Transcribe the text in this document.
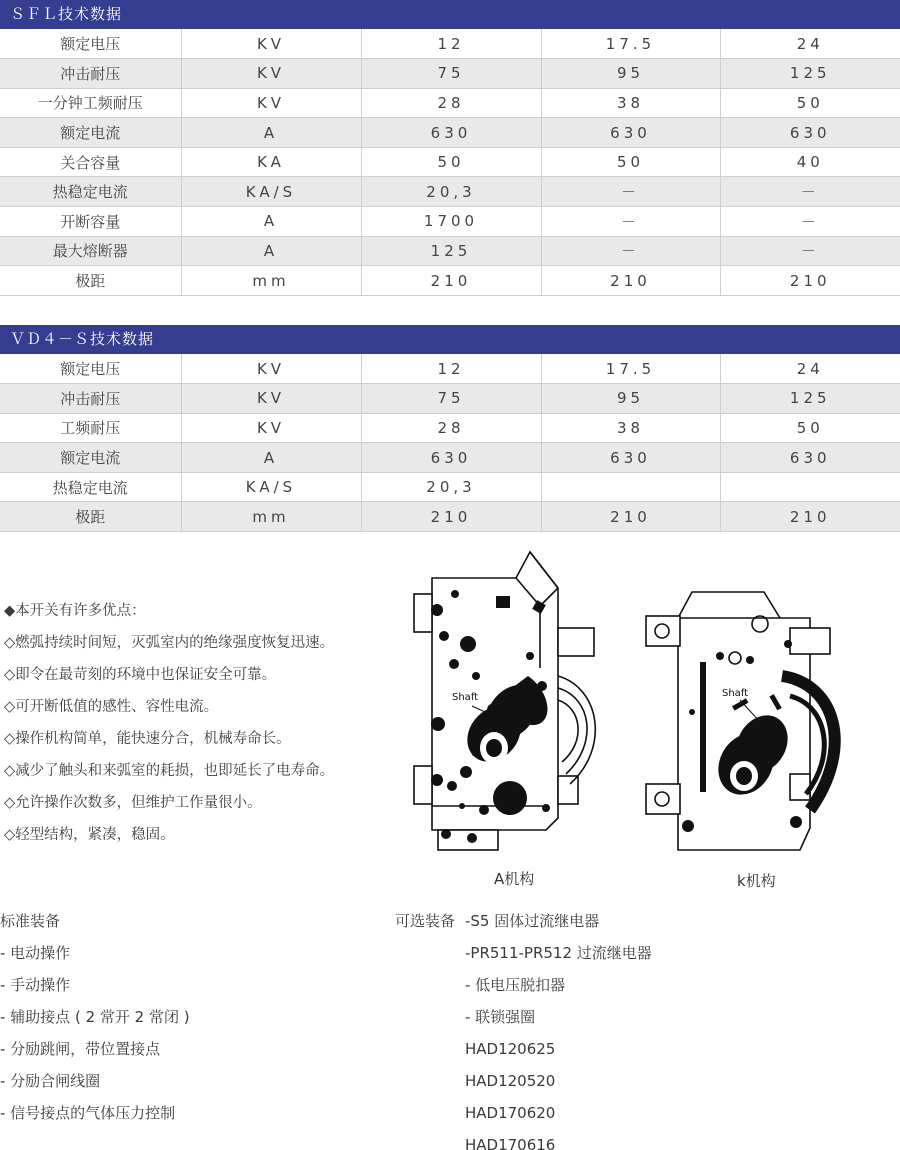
ＳＦＬ技术数据
额定电压	KV	12	17.5	24
冲击耐压	KV	75	95	125
一分钟工频耐压	KV	28	38	50
额定电流	A	630	630	630
关合容量	KA	50	50	40
热稳定电流	KA/S	20,3	－	－
开断容量	A	1700	－	－
最大熔断器	A	125	－	－
极距	mm	210	210	210
ＶＤ４－Ｓ技术数据
额定电压	KV	12	17.5	24
冲击耐压	KV	75	95	125
工频耐压	KV	28	38	50
额定电流	A	630	630	630
热稳定电流	KA/S	20,3		
极距	mm	210	210	210
◆本开关有许多优点：
◇燃弧持续时间短，灭弧室内的绝缘强度恢复迅速。
◇即令在最苛刻的环境中也保证安全可靠。
◇可开断低值的感性、容性电流。
◇操作机构简单，能快速分合，机械寿命长。
◇减少了触头和来弧室的耗损，也即延长了电寿命。
◇允许操作次数多，但维护工作量很小。
◇轻型结构，紧凑，稳固。
Shaft
A机构
Shaft
k机构
标准装备
- 电动操作
- 手动操作
- 辅助接点 ( 2 常开 2 常闭 )
- 分励跳闸，带位置接点
- 分励合闸线圈
- 信号接点的气体压力控制
可选装备 -S5 固体过流继电器
-PR511-PR512 过流继电器
- 低电压脱扣器
- 联锁强圈
HAD120625
HAD120520
HAD170620
HAD170616
